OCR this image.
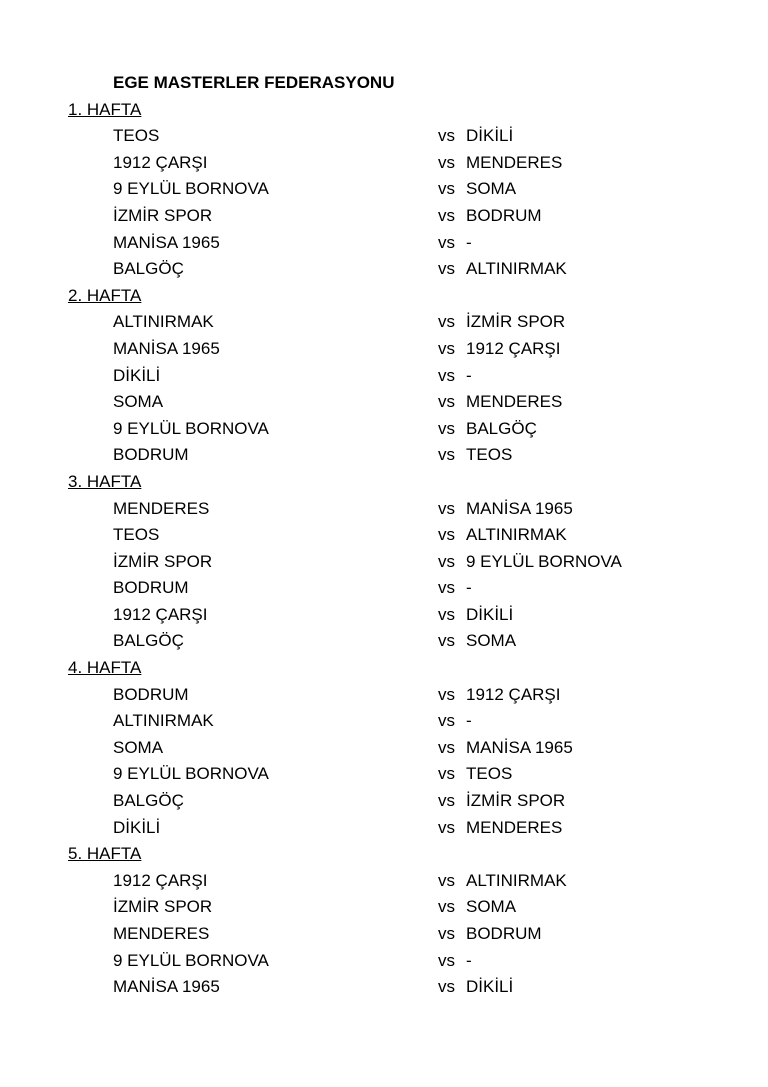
EGE MASTERLER FEDERASYONU
1. HAFTA
TEOS	vs DİKİLİ
1912 ÇARŞI	vs MENDERES
9 EYLÜL BORNOVA	vs SOMA
İZMİR SPOR	vs BODRUM
MANİSA 1965	vs -
BALGÖÇ	vs ALTINIRMAK
2. HAFTA
ALTINIRMAK	vs İZMİR SPOR
MANİSA 1965	vs 1912 ÇARŞI
DİKİLİ	vs -
SOMA	vs MENDERES
9 EYLÜL BORNOVA	vs BALGÖÇ
BODRUM	vs TEOS
3. HAFTA
MENDERES	vs MANİSA 1965
TEOS	vs ALTINIRMAK
İZMİR SPOR	vs 9 EYLÜL BORNOVA
BODRUM	vs -
1912 ÇARŞI	vs DİKİLİ
BALGÖÇ	vs SOMA
4. HAFTA
BODRUM	vs 1912 ÇARŞI
ALTINIRMAK	vs -
SOMA	vs MANİSA 1965
9 EYLÜL BORNOVA	vs TEOS
BALGÖÇ	vs İZMİR SPOR
DİKİLİ	vs MENDERES
5. HAFTA
1912 ÇARŞI	vs ALTINIRMAK
İZMİR SPOR	vs SOMA
MENDERES	vs BODRUM
9 EYLÜL BORNOVA	vs -
MANİSA 1965	vs DİKİLİ
